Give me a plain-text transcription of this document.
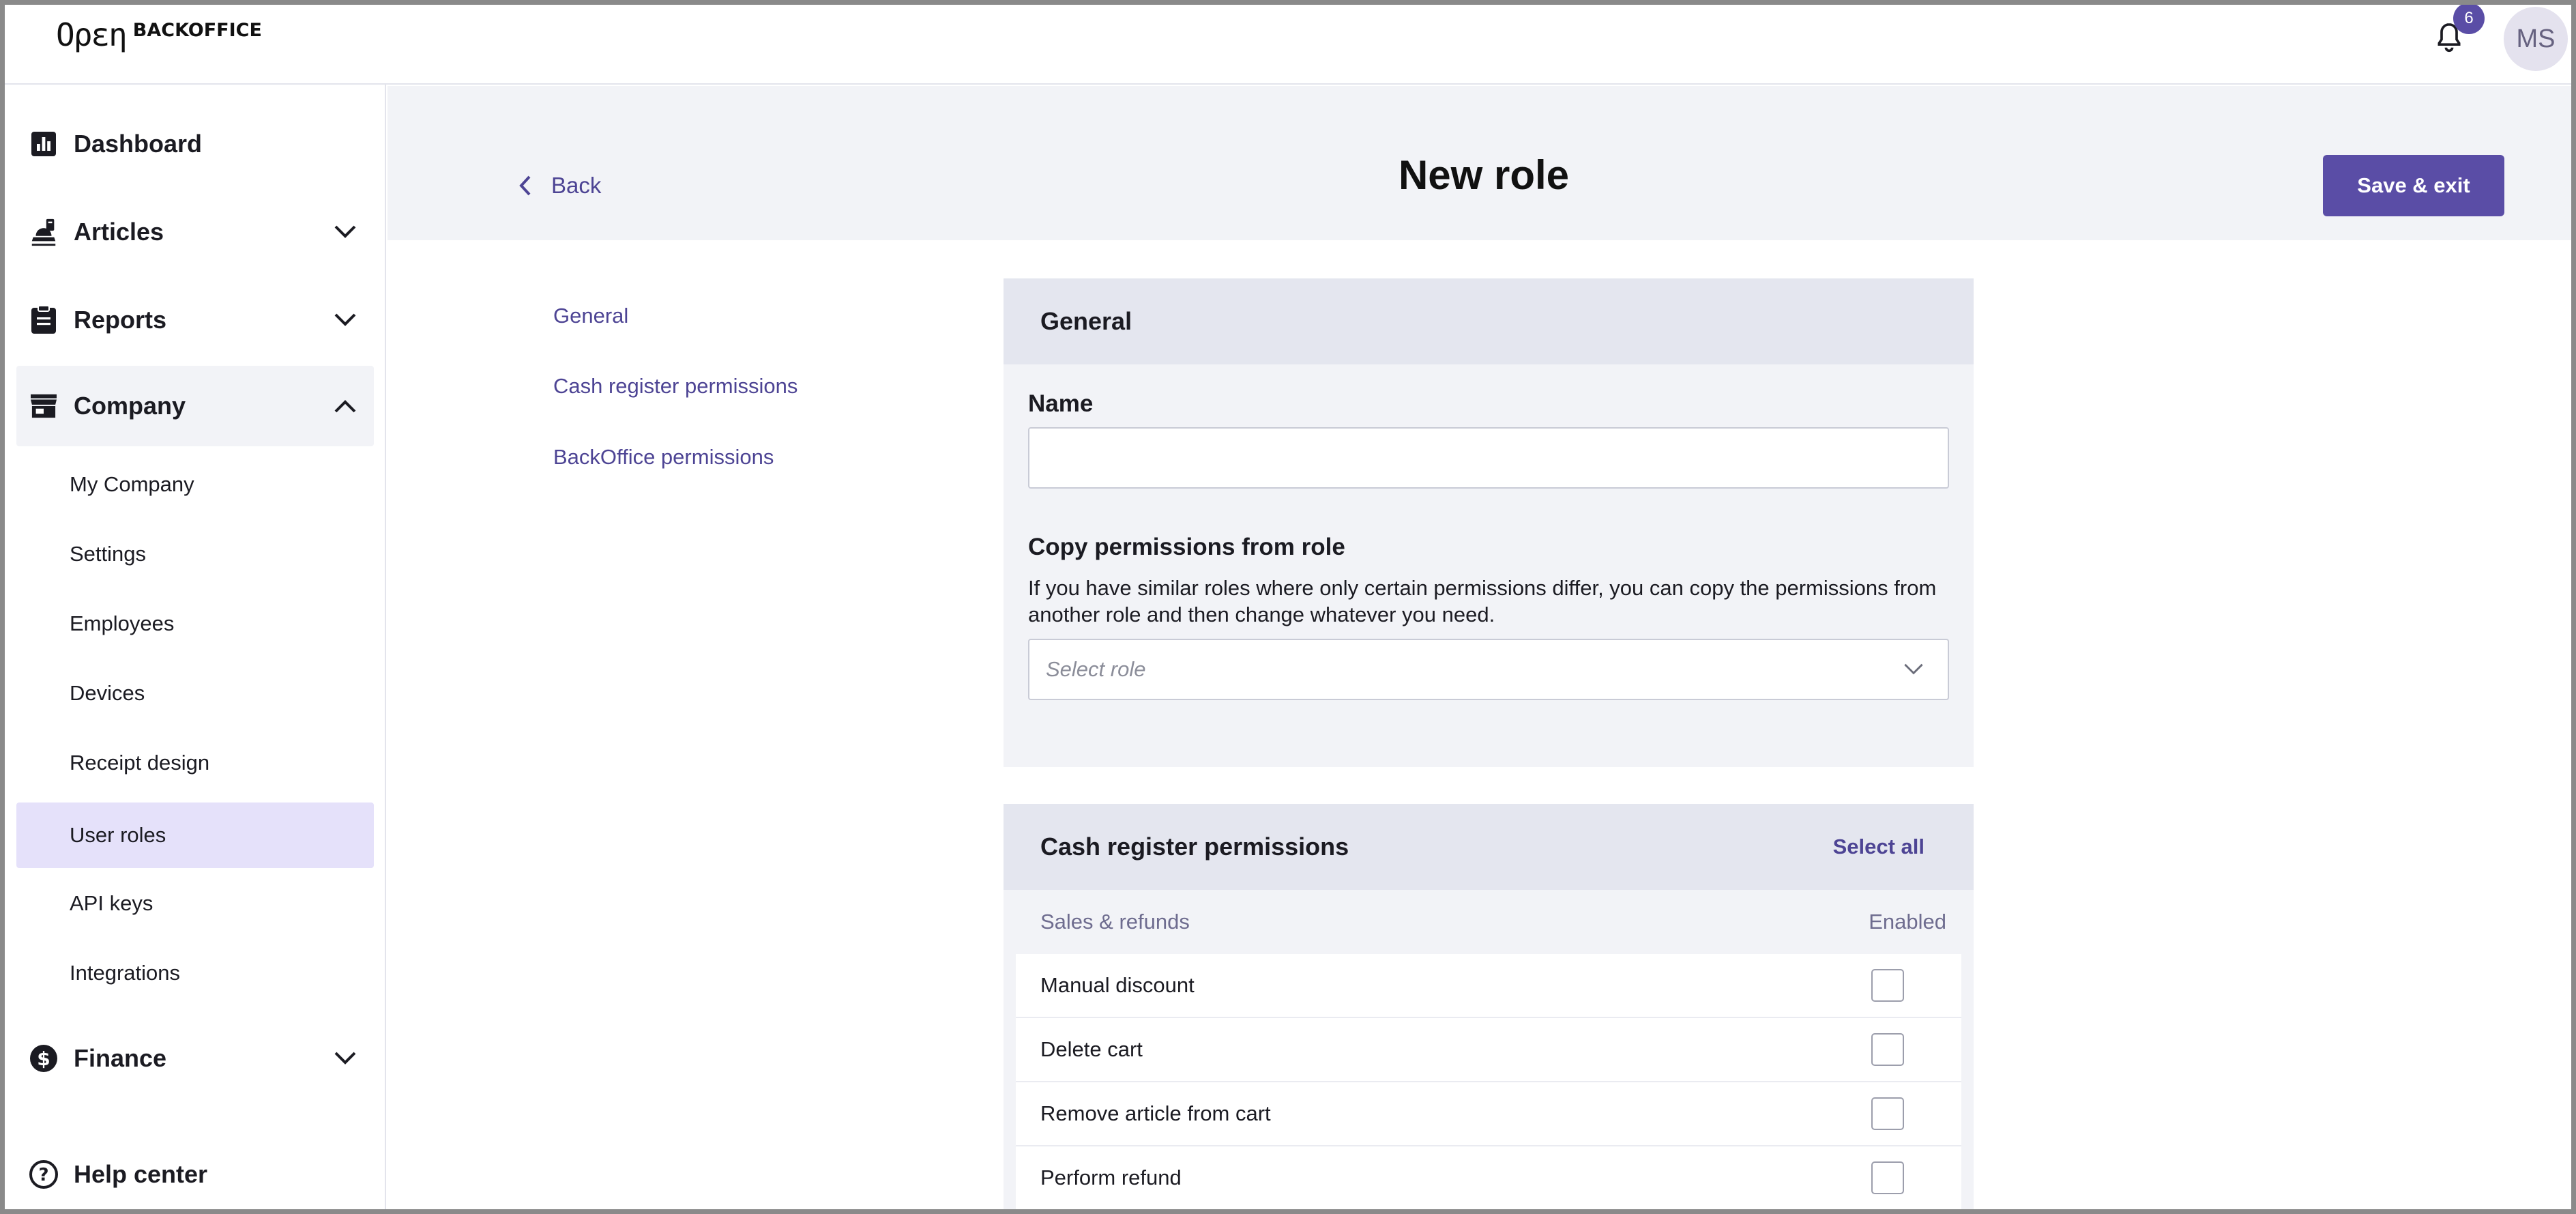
Oρεη BACKOFFICE
6
MS
Dashboard
Articles
Reports
Company
My Company
Settings
Employees
Devices
Receipt design
User roles
API keys
Integrations
$ Finance
? Help center
Back	New role	Save & exit
General
Cash register permissions
BackOffice permissions
General
Name
Copy permissions from role

If you have similar roles where only certain permissions differ, you can copy the permissions from
another role and then change whatever you need.

Select role
Cash register permissions	Select all
Sales & refunds	Enabled
Manual discount
Delete cart
Remove article from cart
Perform refund
